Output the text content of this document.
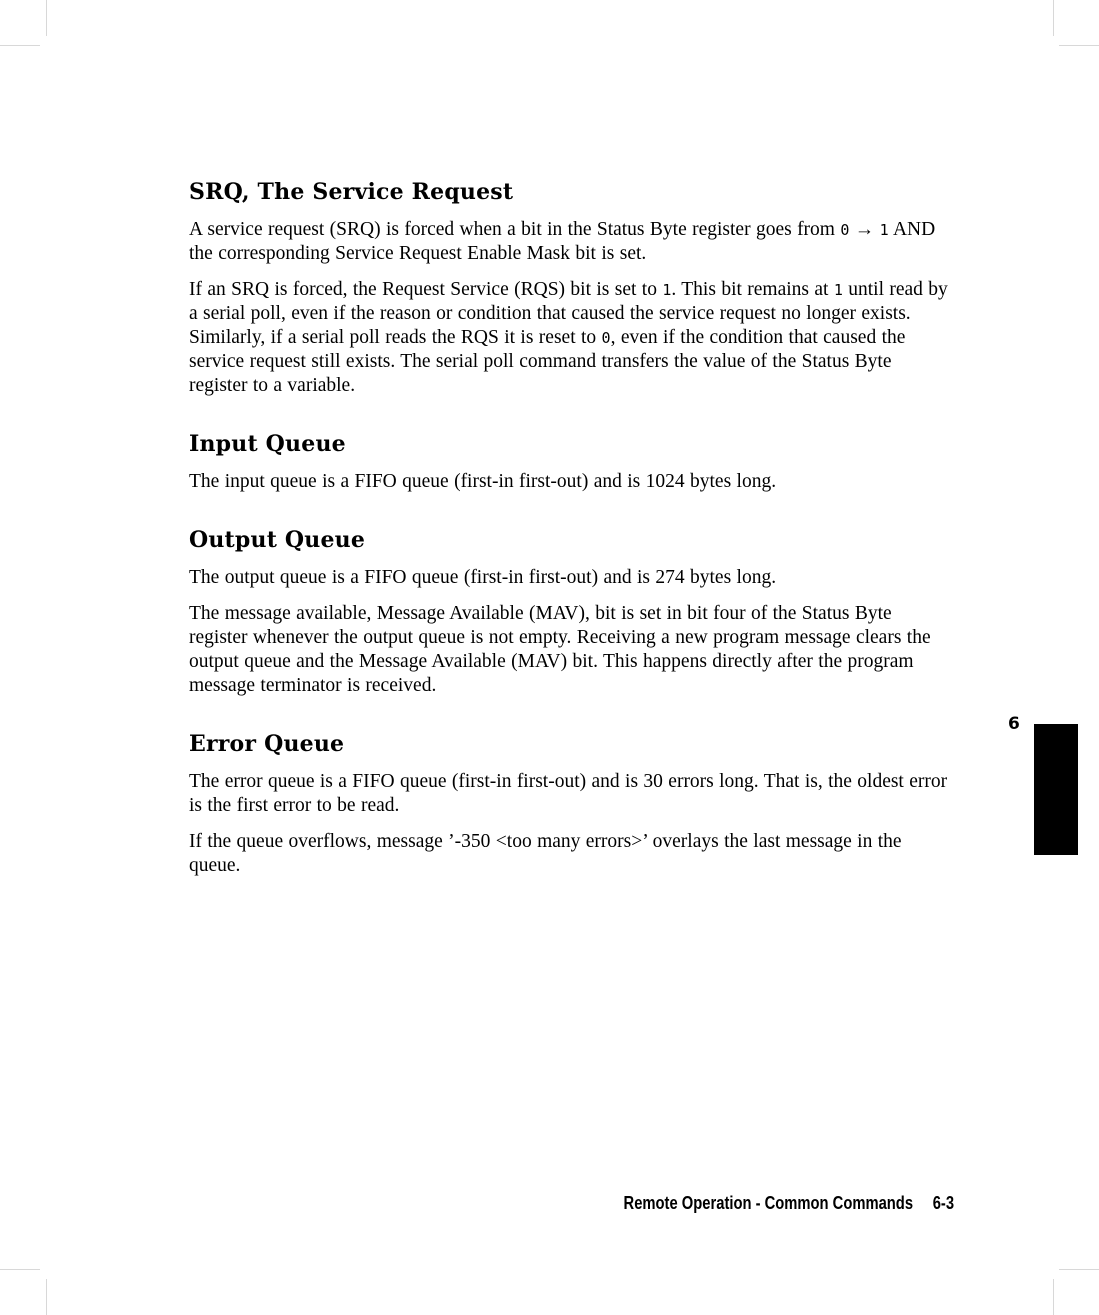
SRQ, The Service Request

A service request (SRQ) is forced when a bit in the Status Byte register goes from 0 → 1 AND the corresponding Service Request Enable Mask bit is set.

If an SRQ is forced, the Request Service (RQS) bit is set to 1. This bit remains at 1 until read by a serial poll, even if the reason or condition that caused the service request no longer exists. Similarly, if a serial poll reads the RQS it is reset to 0, even if the condition that caused the service request still exists. The serial poll command transfers the value of the Status Byte register to a variable.

Input Queue

The input queue is a FIFO queue (first-in first-out) and is 1024 bytes long.

Output Queue

The output queue is a FIFO queue (first-in first-out) and is 274 bytes long.

The message available, Message Available (MAV), bit is set in bit four of the Status Byte register whenever the output queue is not empty. Receiving a new program message clears the output queue and the Message Available (MAV) bit. This happens directly after the program message terminator is received.

Error Queue

The error queue is a FIFO queue (first-in first-out) and is 30 errors long. That is, the oldest error is the first error to be read.

If the queue overflows, message ’-350 <too many errors>’ overlays the last message in the queue.

6
Remote Operation - Common Commands 6-3
